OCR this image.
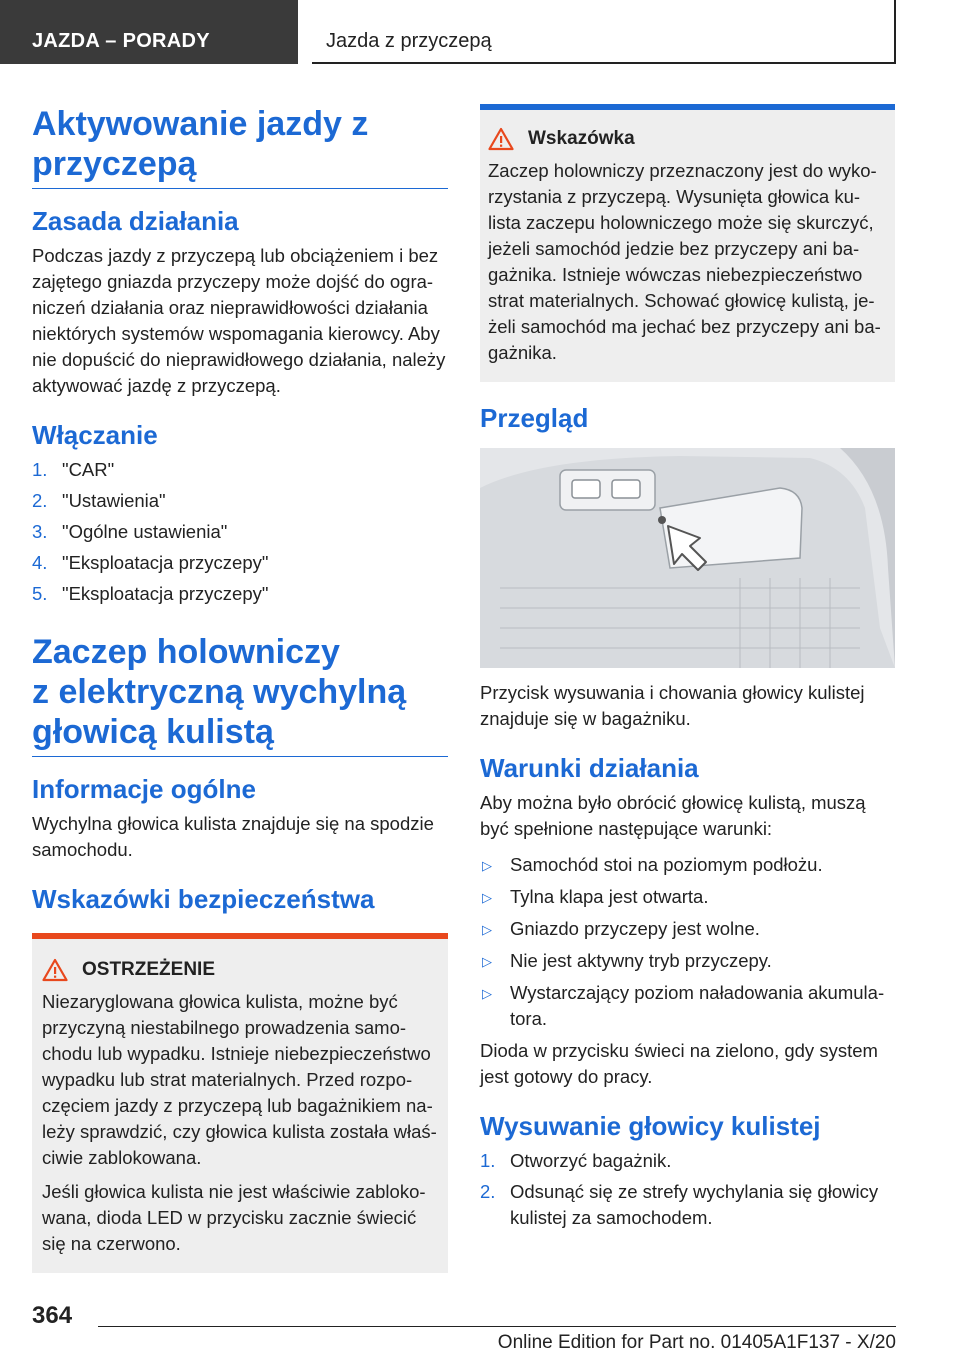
JAZDA – PORADY	Jazda z przyczepą
Aktywowanie jazdy z przyczepą
Zasada działania
Podczas jazdy z przyczepą lub obciążeniem i bez zajętego gniazda przyczepy może dojść do ogra-niczeń działania oraz nieprawidłowości działania niektórych systemów wspomagania kierowcy. Aby nie dopuścić do nieprawidłowego działania, należy aktywować jazdę z przyczepą.
Włączanie
1. "CAR"
2. "Ustawienia"
3. "Ogólne ustawienia"
4. "Eksploatacja przyczepy"
5. "Eksploatacja przyczepy"
Zaczep holowniczy
z elektryczną wychylną
głowicą kulistą
Informacje ogólne
Wychylna głowica kulista znajduje się na spodzie samochodu.
Wskazówki bezpieczeństwa
OSTRZEŻENIE
Niezaryglowana głowica kulista, możne być przyczyną niestabilnego prowadzenia samo-chodu lub wypadku. Istnieje niebezpieczeństwo wypadku lub strat materialnych. Przed rozpo-częciem jazdy z przyczepą lub bagażnikiem na-leży sprawdzić, czy głowica kulista została właś-ciwie zablokowana.
Jeśli głowica kulista nie jest właściwie zabloko-wana, dioda LED w przycisku zacznie świecić się na czerwono.
Wskazówka
Zaczep holowniczy przeznaczony jest do wyko-rzystania z przyczepą. Wysunięta głowica ku-lista zaczepu holowniczego może się skurczyć, jeżeli samochód jedzie bez przyczepy ani ba-gażnika. Istnieje wówczas niebezpieczeństwo strat materialnych. Schować głowicę kulistą, je-żeli samochód ma jechać bez przyczepy ani ba-gażnika.
Przegląd
Przycisk wysuwania i chowania głowicy kulistej znajduje się w bagażniku.
Warunki działania
Aby można było obrócić głowicę kulistą, muszą być spełnione następujące warunki:
▷ Samochód stoi na poziomym podłożu.
▷ Tylna klapa jest otwarta.
▷ Gniazdo przyczepy jest wolne.
▷ Nie jest aktywny tryb przyczepy.
▷ Wystarczający poziom naładowania akumula-tora.
Dioda w przycisku świeci na zielono, gdy system jest gotowy do pracy.
Wysuwanie głowicy kulistej
1. Otworzyć bagażnik.
2. Odsunąć się ze strefy wychylania się głowicy kulistej za samochodem.
364
Online Edition for Part no. 01405A1F137 - X/20
